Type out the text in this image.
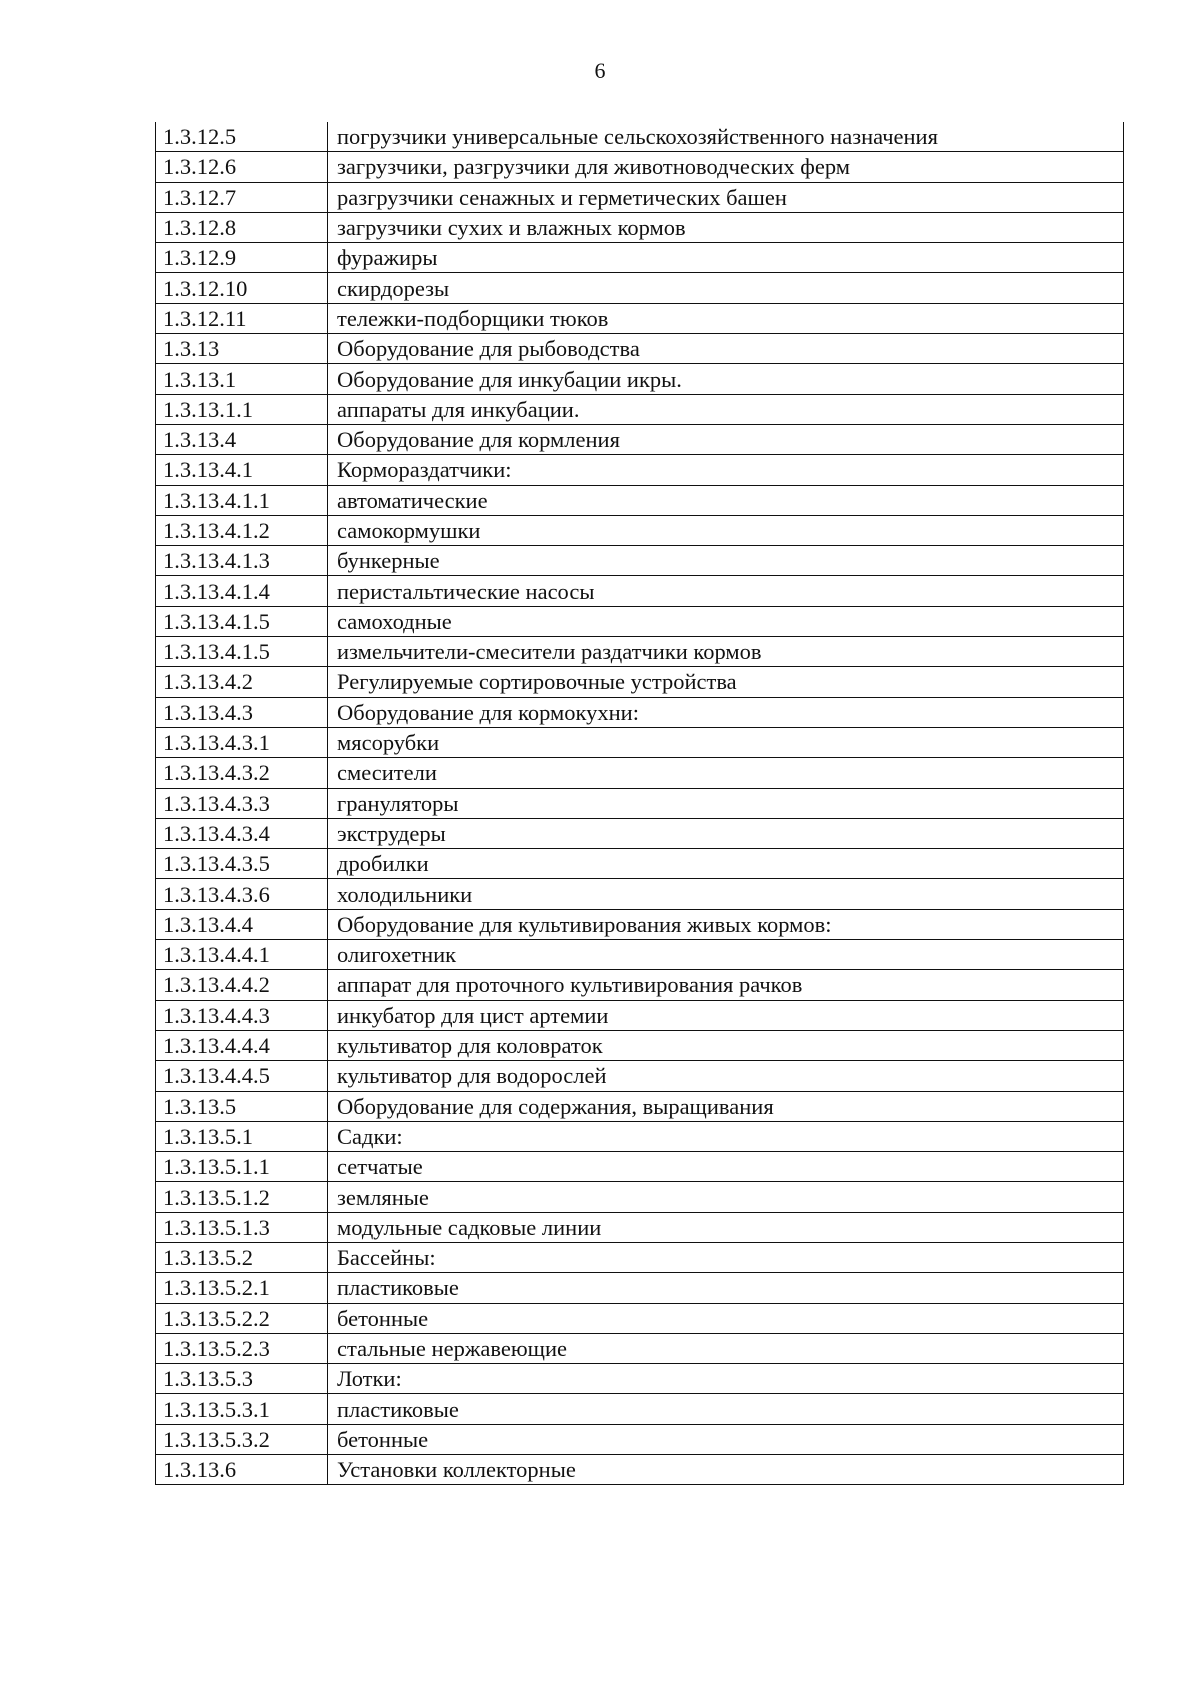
6
1.3.12.5	погрузчики универсальные сельскохозяйственного назначения
1.3.12.6	загрузчики, разгрузчики для животноводческих ферм
1.3.12.7	разгрузчики сенажных и герметических башен
1.3.12.8	загрузчики сухих и влажных кормов
1.3.12.9	фуражиры
1.3.12.10	скирдорезы
1.3.12.11	тележки-подборщики тюков
1.3.13	Оборудование для рыбоводства
1.3.13.1	Оборудование для инкубации икры.
1.3.13.1.1	аппараты для инкубации.
1.3.13.4	Оборудование для кормления
1.3.13.4.1	Кормораздатчики:
1.3.13.4.1.1	автоматические
1.3.13.4.1.2	самокормушки
1.3.13.4.1.3	бункерные
1.3.13.4.1.4	перистальтические насосы
1.3.13.4.1.5	самоходные
1.3.13.4.1.5	измельчители-смесители раздатчики кормов
1.3.13.4.2	Регулируемые сортировочные устройства
1.3.13.4.3	Оборудование для кормокухни:
1.3.13.4.3.1	мясорубки
1.3.13.4.3.2	смесители
1.3.13.4.3.3	грануляторы
1.3.13.4.3.4	экструдеры
1.3.13.4.3.5	дробилки
1.3.13.4.3.6	холодильники
1.3.13.4.4	Оборудование для культивирования живых кормов:
1.3.13.4.4.1	олигохетник
1.3.13.4.4.2	аппарат для проточного культивирования рачков
1.3.13.4.4.3	инкубатор для цист артемии
1.3.13.4.4.4	культиватор для коловраток
1.3.13.4.4.5	культиватор для водорослей
1.3.13.5	Оборудование для содержания, выращивания
1.3.13.5.1	Садки:
1.3.13.5.1.1	сетчатые
1.3.13.5.1.2	земляные
1.3.13.5.1.3	модульные садковые линии
1.3.13.5.2	Бассейны:
1.3.13.5.2.1	пластиковые
1.3.13.5.2.2	бетонные
1.3.13.5.2.3	стальные нержавеющие
1.3.13.5.3	Лотки:
1.3.13.5.3.1	пластиковые
1.3.13.5.3.2	бетонные
1.3.13.6	Установки коллекторные
